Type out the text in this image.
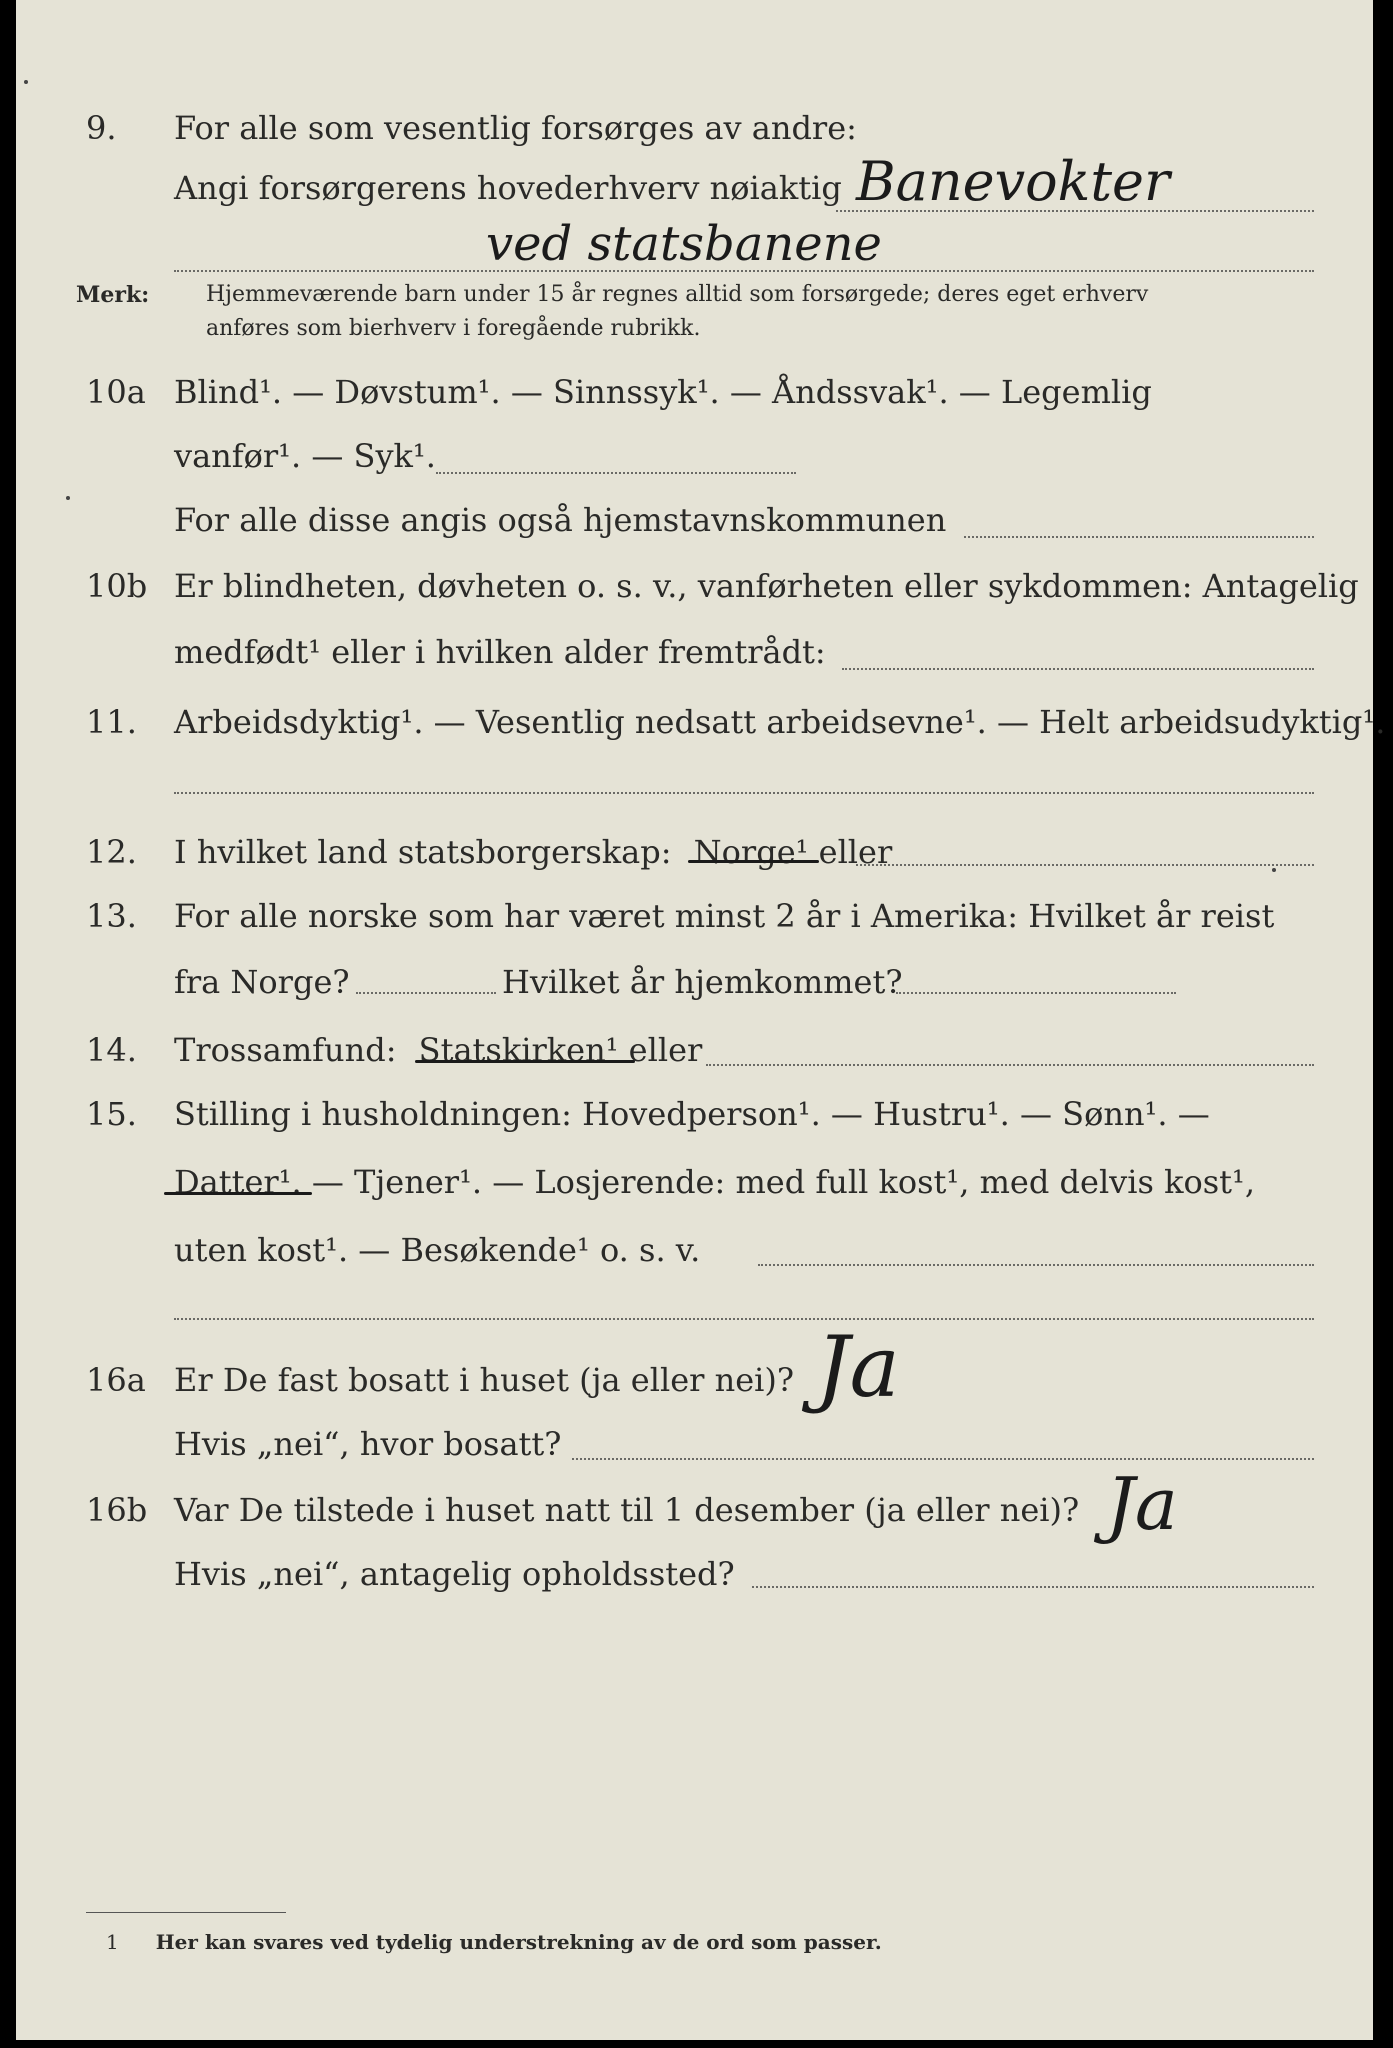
9. For alle som vesentlig forsørges av andre:
Angi forsørgerens hovederhverv nøiaktig Banevokter
ved statsbanene
Merk:	Hjemmeværende barn under 15 år regnes alltid som forsørgede; deres eget erhverv
anføres som bierhverv i foregående rubrikk.
10a Blind¹. — Døvstum¹. — Sinnssyk¹. — Åndssvak¹. — Legemlig
vanfør¹. — Syk¹.
For alle disse angis også hjemstavnskommunen
10b Er blindheten, døvheten o. s. v., vanførheten eller sykdommen: Antagelig
medfødt¹ eller i hvilken alder fremtrådt:
11. Arbeidsdyktig¹. — Vesentlig nedsatt arbeidsevne¹. — Helt arbeidsudyktig¹.
12. I hvilket land statsborgerskap: Norge¹ eller
13. For alle norske som har været minst 2 år i Amerika: Hvilket år reist
fra Norge?	Hvilket år hjemkommet?
14. Trossamfund: Statskirken¹ eller
15. Stilling i husholdningen: Hovedperson¹. — Hustru¹. — Sønn¹. —
Datter¹. — Tjener¹. — Losjerende: med full kost¹, med delvis kost¹,
uten kost¹. — Besøkende¹ o. s. v.
16a Er De fast bosatt i huset (ja eller nei)? Ja
Hvis „nei“, hvor bosatt?
16b Var De tilstede i huset natt til 1 desember (ja eller nei)? Ja
Hvis „nei“, antagelig opholdssted?
1 Her kan svares ved tydelig understrekning av de ord som passer.
